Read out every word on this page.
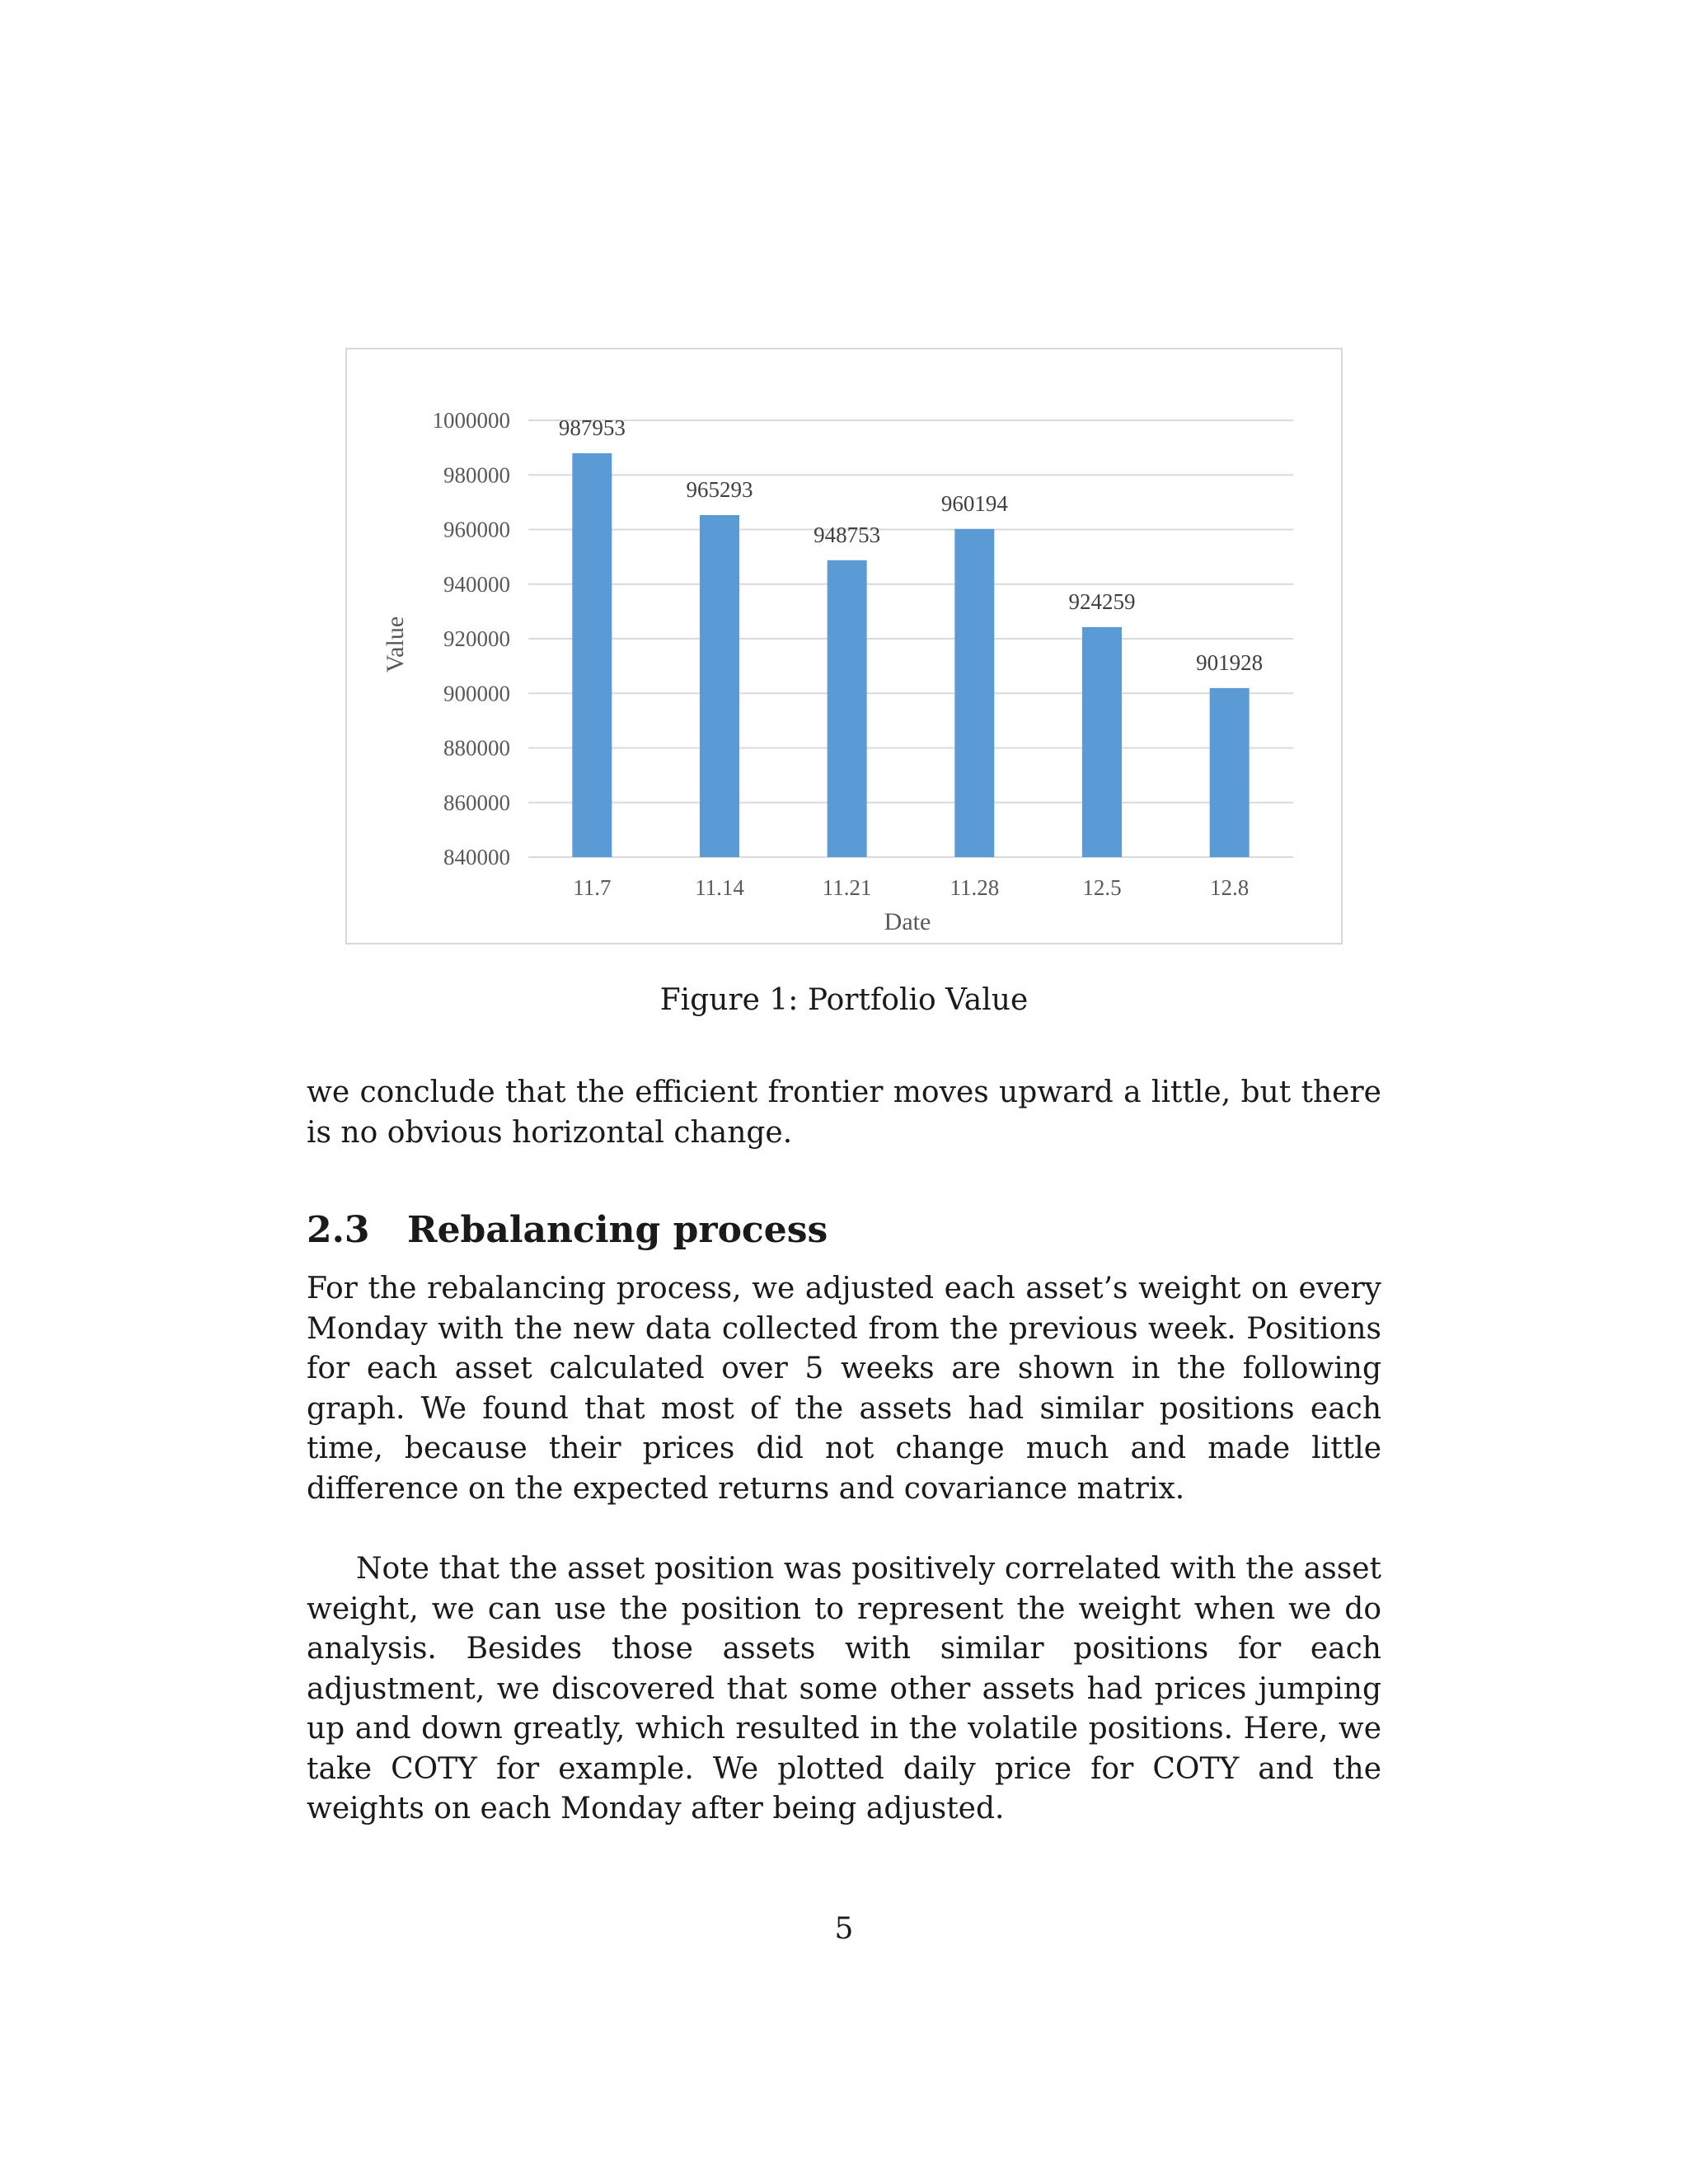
1000000
980000
960000
940000
920000
900000
880000
860000
840000
987953
965293
948753
960194
924259
901928
11.7	11.14	11.21	11.28	12.5	12.8
Value
Date
Figure 1: Portfolio Value

we conclude that the efficient frontier moves upward a little, but there is no obvious horizontal change.

2.3 Rebalancing process

For the rebalancing process, we adjusted each asset’s weight on every Monday with the new data collected from the previous week. Positions for each asset calculated over 5 weeks are shown in the following graph. We found that most of the assets had similar positions each time, because their prices did not change much and made little difference on the expected returns and covariance matrix.

Note that the asset position was positively correlated with the asset weight, we can use the position to represent the weight when we do analysis. Besides those assets with similar positions for each adjustment, we discovered that some other assets had prices jumping up and down greatly, which resulted in the volatile positions. Here, we take COTY for example. We plotted daily price for COTY and the weights on each Monday after being adjusted.

5
